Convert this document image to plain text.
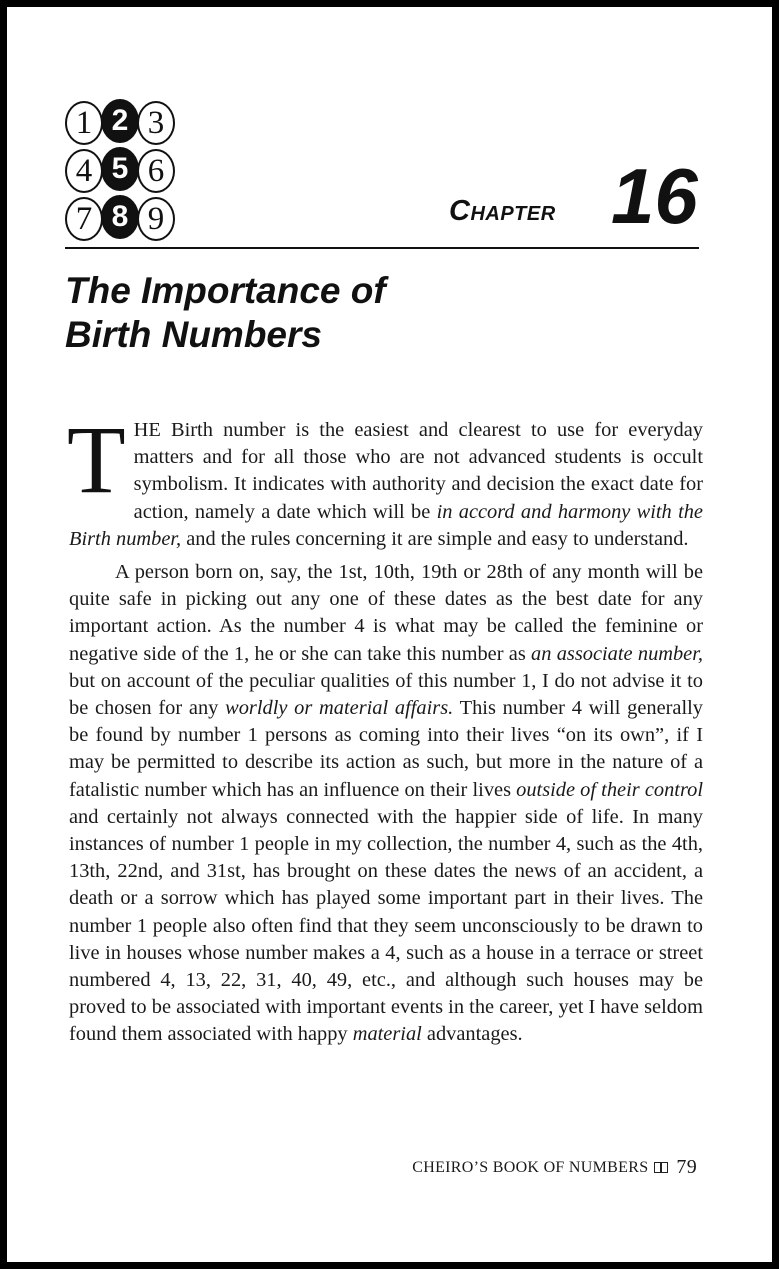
1 2 3
4 5 6
7 8 9	Chapter 16
The Importance of
Birth Numbers

THE Birth number is the easiest and clearest to use for everyday matters and for all those who are not advanced students is occult symbolism. It indicates with authority and decision the exact date for action, namely a date which will be in accord and harmony with the Birth number, and the rules concerning it are simple and easy to understand.

A person born on, say, the 1st, 10th, 19th or 28th of any month will be quite safe in picking out any one of these dates as the best date for any important action. As the number 4 is what may be called the feminine or negative side of the 1, he or she can take this number as an associate number, but on account of the peculiar qualities of this number 1, I do not advise it to be chosen for any worldly or material affairs. This number 4 will generally be found by number 1 persons as coming into their lives “on its own”, if I may be permitted to describe its action as such, but more in the nature of a fatalistic number which has an influence on their lives outside of their control and certainly not always connected with the happier side of life. In many instances of number 1 people in my collection, the number 4, such as the 4th, 13th, 22nd, and 31st, has brought on these dates the news of an accident, a death or a sorrow which has played some important part in their lives. The number 1 people also often find that they seem unconsciously to be drawn to live in houses whose number makes a 4, such as a house in a terrace or street numbered 4, 13, 22, 31, 40, 49, etc., and although such houses may be proved to be associated with important events in the career, yet I have seldom found them associated with happy material advantages.

CHEIRO’S BOOK OF NUMBERS 79
